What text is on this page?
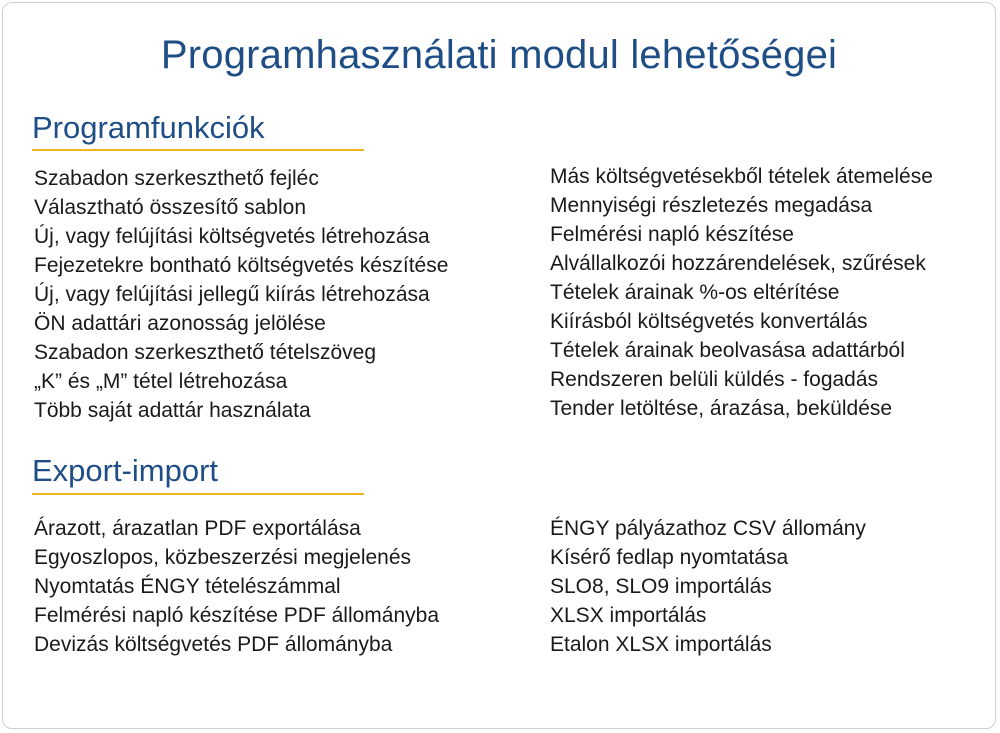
Programhasználati modul lehetőségei
Programfunkciók
Szabadon szerkeszthető fejléc
Választható összesítő sablon
Új, vagy felújítási költségvetés létrehozása
Fejezetekre bontható költségvetés készítése
Új, vagy felújítási jellegű kiírás létrehozása
ÖN adattári azonosság jelölése
Szabadon szerkeszthető tételszöveg
„K” és „M” tétel létrehozása
Több saját adattár használata
Más költségvetésekből tételek átemelése
Mennyiségi részletezés megadása
Felmérési napló készítése
Alvállalkozói hozzárendelések, szűrések
Tételek árainak %-os eltérítése
Kiírásból költségvetés konvertálás
Tételek árainak beolvasása adattárból
Rendszeren belüli küldés - fogadás
Tender letöltése, árazása, beküldése
Export-import
Árazott, árazatlan PDF exportálása
Egyoszlopos, közbeszerzési megjelenés
Nyomtatás ÉNGY tételészámmal
Felmérési napló készítése PDF állományba
Devizás költségvetés PDF állományba
ÉNGY pályázathoz CSV állomány
Kísérő fedlap nyomtatása
SLO8, SLO9 importálás
XLSX importálás
Etalon XLSX importálás
